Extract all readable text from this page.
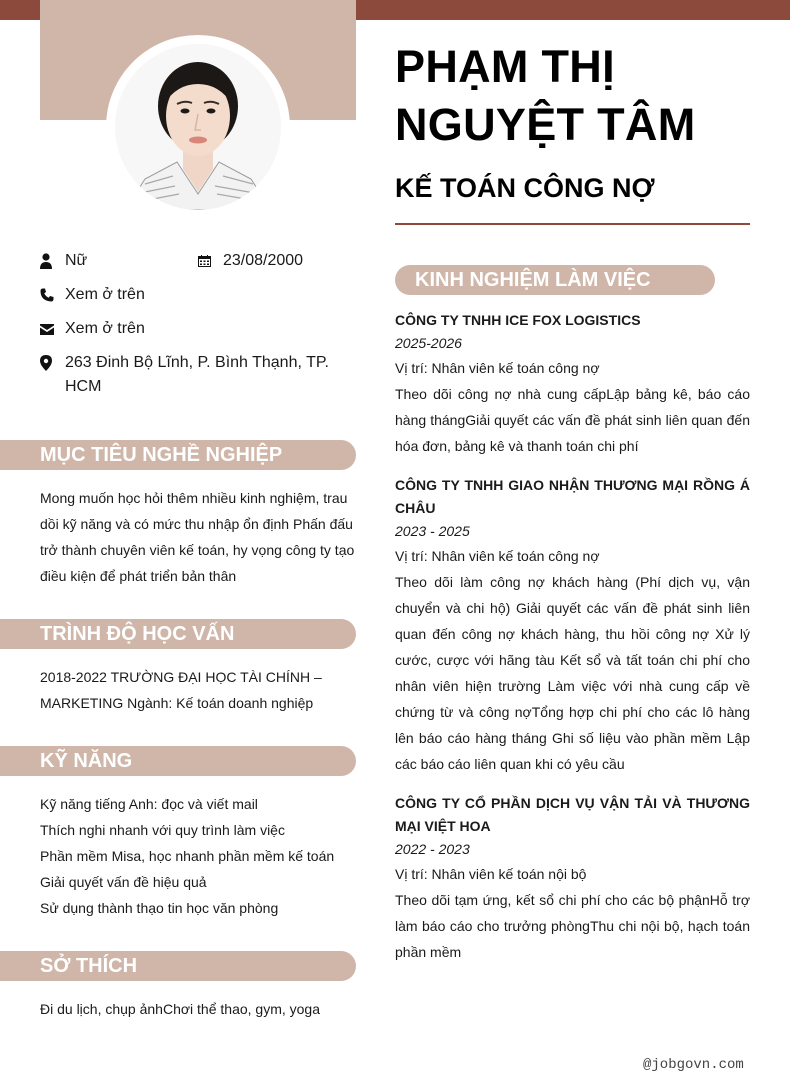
PHẠM THỊ
NGUYỆT TÂM
KẾ TOÁN CÔNG NỢ
Nữ	23/08/2000
Xem ở trên
Xem ở trên
263 Đinh Bộ Lĩnh, P. Bình Thạnh, TP. HCM
MỤC TIÊU NGHỀ NGHIỆP
Mong muốn học hỏi thêm nhiều kinh nghiệm, trau dồi kỹ năng và có mức thu nhập ổn định Phấn đấu trở thành chuyên viên kế toán, hy vọng công ty tạo điều kiện để phát triển bản thân
TRÌNH ĐỘ HỌC VẤN
2018-2022 TRƯỜNG ĐẠI HỌC TÀI CHÍNH – MARKETING Ngành: Kế toán doanh nghiệp
KỸ NĂNG
Kỹ năng tiếng Anh: đọc và viết mail
Thích nghi nhanh với quy trình làm việc
Phần mềm Misa, học nhanh phần mềm kế toán
Giải quyết vấn đề hiệu quả
Sử dụng thành thạo tin học văn phòng
SỞ THÍCH
Đi du lịch, chụp ảnhChơi thể thao, gym, yoga
KINH NGHIỆM LÀM VIỆC
CÔNG TY TNHH ICE FOX LOGISTICS
2025-2026
Vị trí: Nhân viên kế toán công nợ
Theo dõi công nợ nhà cung cấpLập bảng kê, báo cáo hàng thángGiải quyết các vấn đề phát sinh liên quan đến hóa đơn, bảng kê và thanh toán chi phí
CÔNG TY TNHH GIAO NHẬN THƯƠNG MẠI RỒNG Á CHÂU
2023 - 2025
Vị trí: Nhân viên kế toán công nợ
Theo dõi làm công nợ khách hàng (Phí dịch vụ, vận chuyển và chi hộ) Giải quyết các vấn đề phát sinh liên quan đến công nợ khách hàng, thu hồi công nợ Xử lý cước, cược với hãng tàu Kết sổ và tất toán chi phí cho nhân viên hiện trường Làm việc với nhà cung cấp về chứng từ và công nợTổng hợp chi phí cho các lô hàng lên báo cáo hàng tháng Ghi số liệu vào phần mềm Lập các báo cáo liên quan khi có yêu cầu
CÔNG TY CỔ PHẦN DỊCH VỤ VẬN TẢI VÀ THƯƠNG MẠI VIỆT HOA
2022 - 2023
Vị trí: Nhân viên kế toán nội bộ
Theo dõi tạm ứng, kết sổ chi phí cho các bộ phậnHỗ trợ làm báo cáo cho trưởng phòngThu chi nội bộ, hạch toán phần mềm
@jobgovn.com
